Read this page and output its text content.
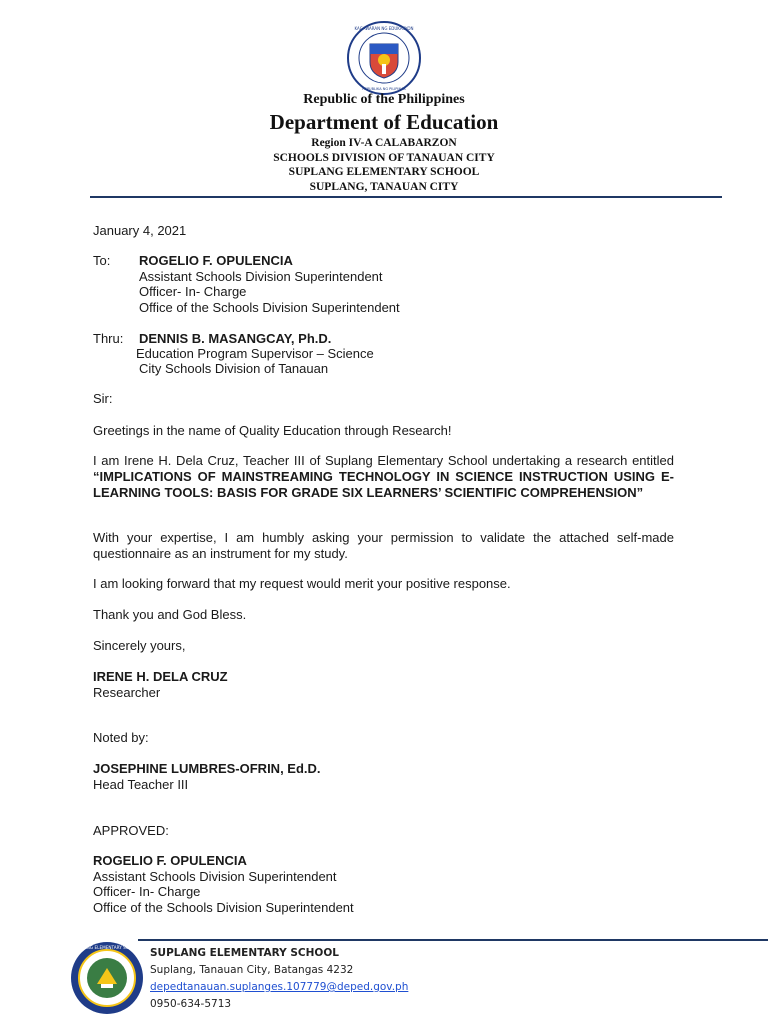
KAGAWARAN NG EDUKASYON
REPUBLIKA NG PILIPINAS
Republic of the Philippines
Department of Education
Region IV-A CALABARZON
SCHOOLS DIVISION OF TANAUAN CITY
SUPLANG ELEMENTARY SCHOOL
SUPLANG, TANAUAN CITY
January 4, 2021
To: ROGELIO F. OPULENCIA
Assistant Schools Division Superintendent
Officer- In- Charge
Office of the Schools Division Superintendent
Thru: DENNIS B. MASANGCAY, Ph.D.
Education Program Supervisor – Science
City Schools Division of Tanauan
Sir:
Greetings in the name of Quality Education through Research!
I am Irene H. Dela Cruz, Teacher III of Suplang Elementary School undertaking a research entitled “IMPLICATIONS OF MAINSTREAMING TECHNOLOGY IN SCIENCE INSTRUCTION USING E-LEARNING TOOLS: BASIS FOR GRADE SIX LEARNERS’ SCIENTIFIC COMPREHENSION”
With your expertise, I am humbly asking your permission to validate the attached self-made questionnaire as an instrument for my study.
I am looking forward that my request would merit your positive response.
Thank you and God Bless.
Sincerely yours,
IRENE H. DELA CRUZ
Researcher
Noted by:
JOSEPHINE LUMBRES-OFRIN, Ed.D.
Head Teacher III
APPROVED:
ROGELIO F. OPULENCIA
Assistant Schools Division Superintendent
Officer- In- Charge
Office of the Schools Division Superintendent
SUPLANG ELEMENTARY SCHOOL SUPLANG ELEMENTARY SCHOOL
Suplang, Tanauan City, Batangas 4232
depedtanauan.suplanges.107779@deped.gov.ph
0950-634-5713
